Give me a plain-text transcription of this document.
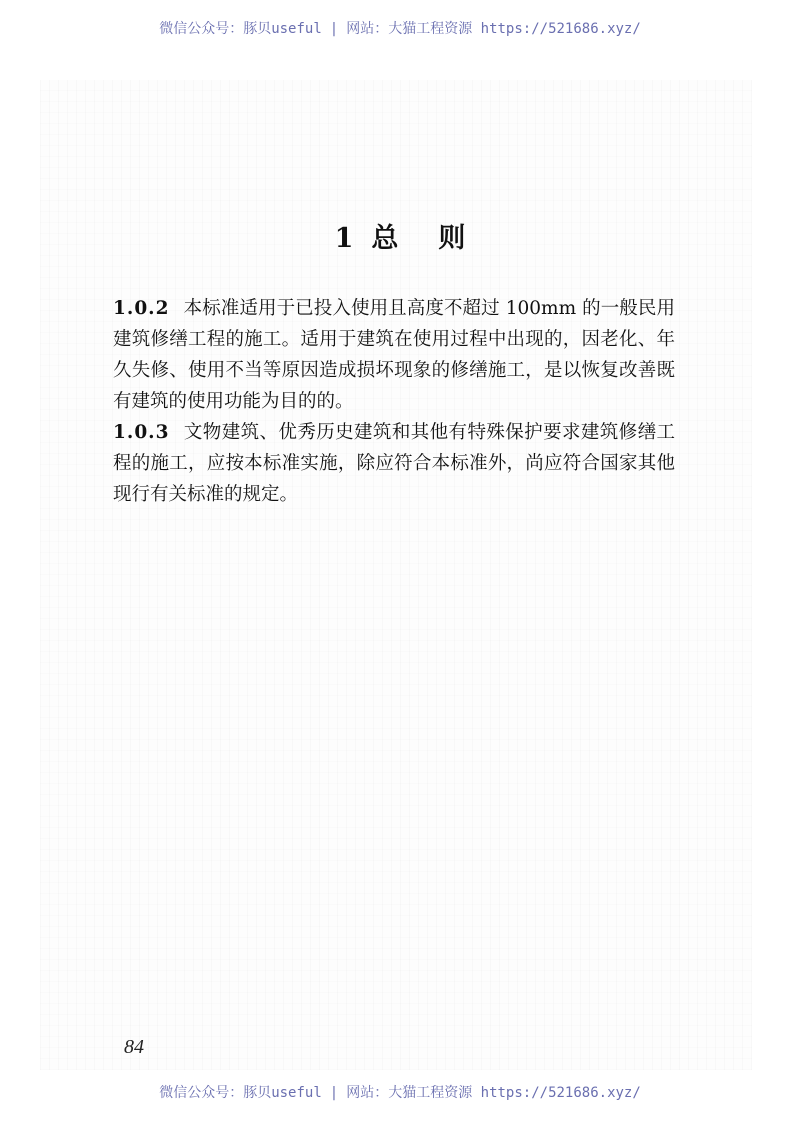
微信公众号：豚贝useful | 网站：大猫工程资源 https://521686.xyz/
1 总 则
1.0.2 本标准适用于已投入使用且高度不超过 100mm 的一般民用建筑修缮工程的施工。适用于建筑在使用过程中出现的，因老化、年久失修、使用不当等原因造成损坏现象的修缮施工，是以恢复改善既有建筑的使用功能为目的的。
1.0.3 文物建筑、优秀历史建筑和其他有特殊保护要求建筑修缮工程的施工，应按本标准实施，除应符合本标准外，尚应符合国家其他现行有关标准的规定。
84
微信公众号：豚贝useful | 网站：大猫工程资源 https://521686.xyz/
